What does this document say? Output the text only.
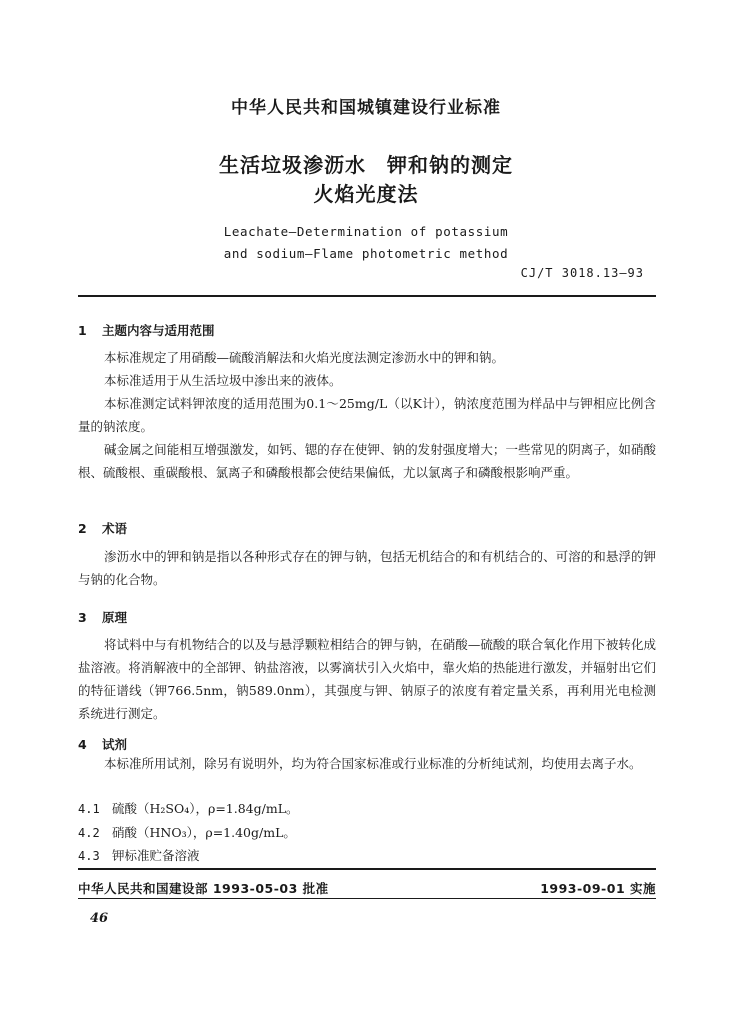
中华人民共和国城镇建设行业标准
生活垃圾渗沥水　钾和钠的测定
火焰光度法
Leachate—Determination of potassium
and sodium—Flame photometric method
CJ/T 3018.13—93
1 主题内容与适用范围
本标准规定了用硝酸—硫酸消解法和火焰光度法测定渗沥水中的钾和钠。
本标准适用于从生活垃圾中渗出来的液体。
本标准测定试料钾浓度的适用范围为0.1～25mg/L（以K计），钠浓度范围为样品中与钾相应比例含量的钠浓度。
碱金属之间能相互增强激发，如钙、锶的存在使钾、钠的发射强度增大；一些常见的阴离子，如硝酸根、硫酸根、重碳酸根、氯离子和磷酸根都会使结果偏低，尤以氯离子和磷酸根影响严重。
2 术语
渗沥水中的钾和钠是指以各种形式存在的钾与钠，包括无机结合的和有机结合的、可溶的和悬浮的钾与钠的化合物。
3 原理
将试料中与有机物结合的以及与悬浮颗粒相结合的钾与钠，在硝酸—硫酸的联合氧化作用下被转化成盐溶液。将消解液中的全部钾、钠盐溶液，以雾滴状引入火焰中，靠火焰的热能进行激发，并辐射出它们的特征谱线（钾766.5nm，钠589.0nm），其强度与钾、钠原子的浓度有着定量关系，再利用光电检测系统进行测定。
4 试剂
本标准所用试剂，除另有说明外，均为符合国家标准或行业标准的分析纯试剂，均使用去离子水。
4.1 硫酸（H₂SO₄），ρ=1.84g/mL。
4.2 硝酸（HNO₃），ρ=1.40g/mL。
4.3 钾标准贮备溶液
中华人民共和国建设部 1993-05-03 批准	1993-09-01 实施
46
